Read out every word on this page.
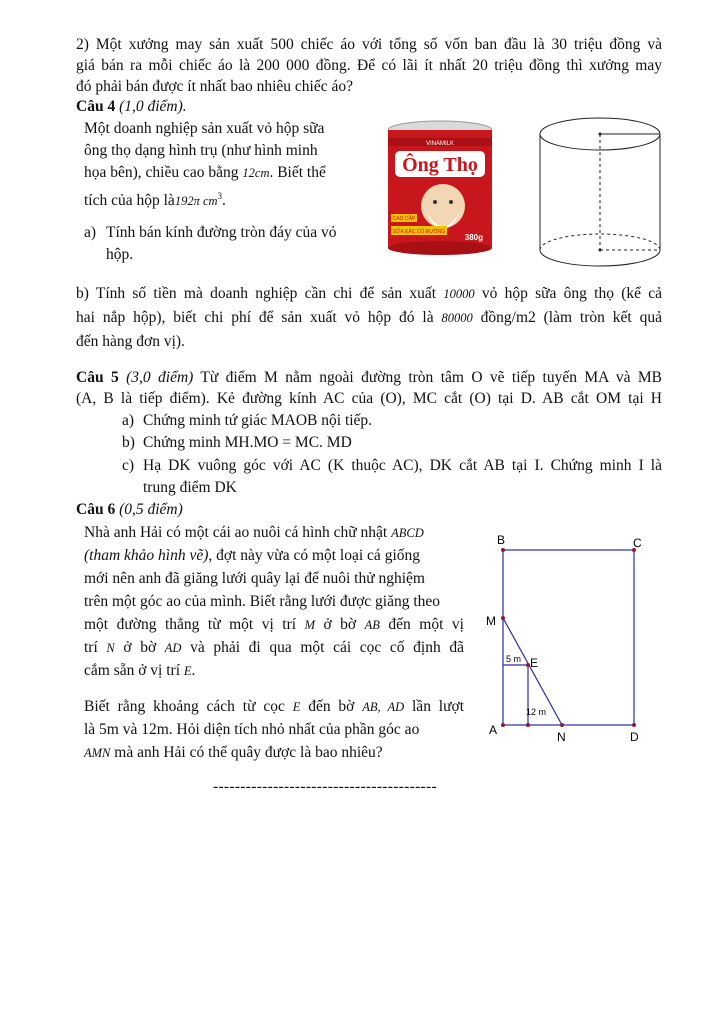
2) Một xưởng may sản xuất 500 chiếc áo với tổng số vốn ban đầu là 30 triệu đồng và

giá bán ra mỗi chiếc áo là 200 000 đồng. Để có lãi ít nhất 20 triệu đồng thì xưởng may

đó phải bán được ít nhất bao nhiêu chiếc áo?

Câu 4 (1,0 điểm).

Một doanh nghiệp sản xuất vỏ hộp sữa

ông thọ dạng hình trụ (như hình minh

họa bên), chiều cao bằng 12cm. Biết thể

tích của hộp là192π $cm^3$.

a) Tính bán kính đường tròn đáy của vỏ

hộp.

VINAMILK
Ông Thọ
CAO CẤP
SỮA ĐẶC CÓ ĐƯỜNG
380g

b) Tính số tiền mà doanh nghiệp cần chi để sản xuất 10000 vỏ hộp sữa ông thọ (kể cả

hai nắp hộp), biết chi phí để sản xuất vỏ hộp đó là 80000 đồng/m2 (làm tròn kết quả

đến hàng đơn vị).

Câu 5 (3,0 điểm) Từ điểm M nằm ngoài đường tròn tâm O vẽ tiếp tuyến MA và MB

(A, B là tiếp điểm). Kẻ đường kính AC của (O), MC cắt (O) tại D. AB cắt OM tại H

a) Chứng minh tứ giác MAOB nội tiếp.

b) Chứng minh MH.MO = MC. MD

c) Hạ DK vuông góc với AC (K thuộc AC), DK cắt AB tại I. Chứng minh I là

trung điểm DK

Câu 6 (0,5 điểm)

Nhà anh Hải có một cái ao nuôi cá hình chữ nhật ABCD

(tham khảo hình vẽ), đợt này vừa có một loại cá giống

mới nên anh đã giăng lưới quây lại để nuôi thử nghiệm

trên một góc ao của mình. Biết rằng lưới được giăng theo

một đường thẳng từ một vị trí M ở bờ AB đến một vị

trí N ở bờ AD và phải đi qua một cái cọc cố định đã

cắm sẵn ở vị trí E.

Biết rằng khoảng cách từ cọc E đến bờ AB, AD lần lượt

là 5m và 12m. Hỏi diện tích nhỏ nhất của phần góc ao

AMN mà anh Hải có thể quây được là bao nhiêu?

B	C
A	D
M
N
E
5 m
12 m

-----------------------------------------
